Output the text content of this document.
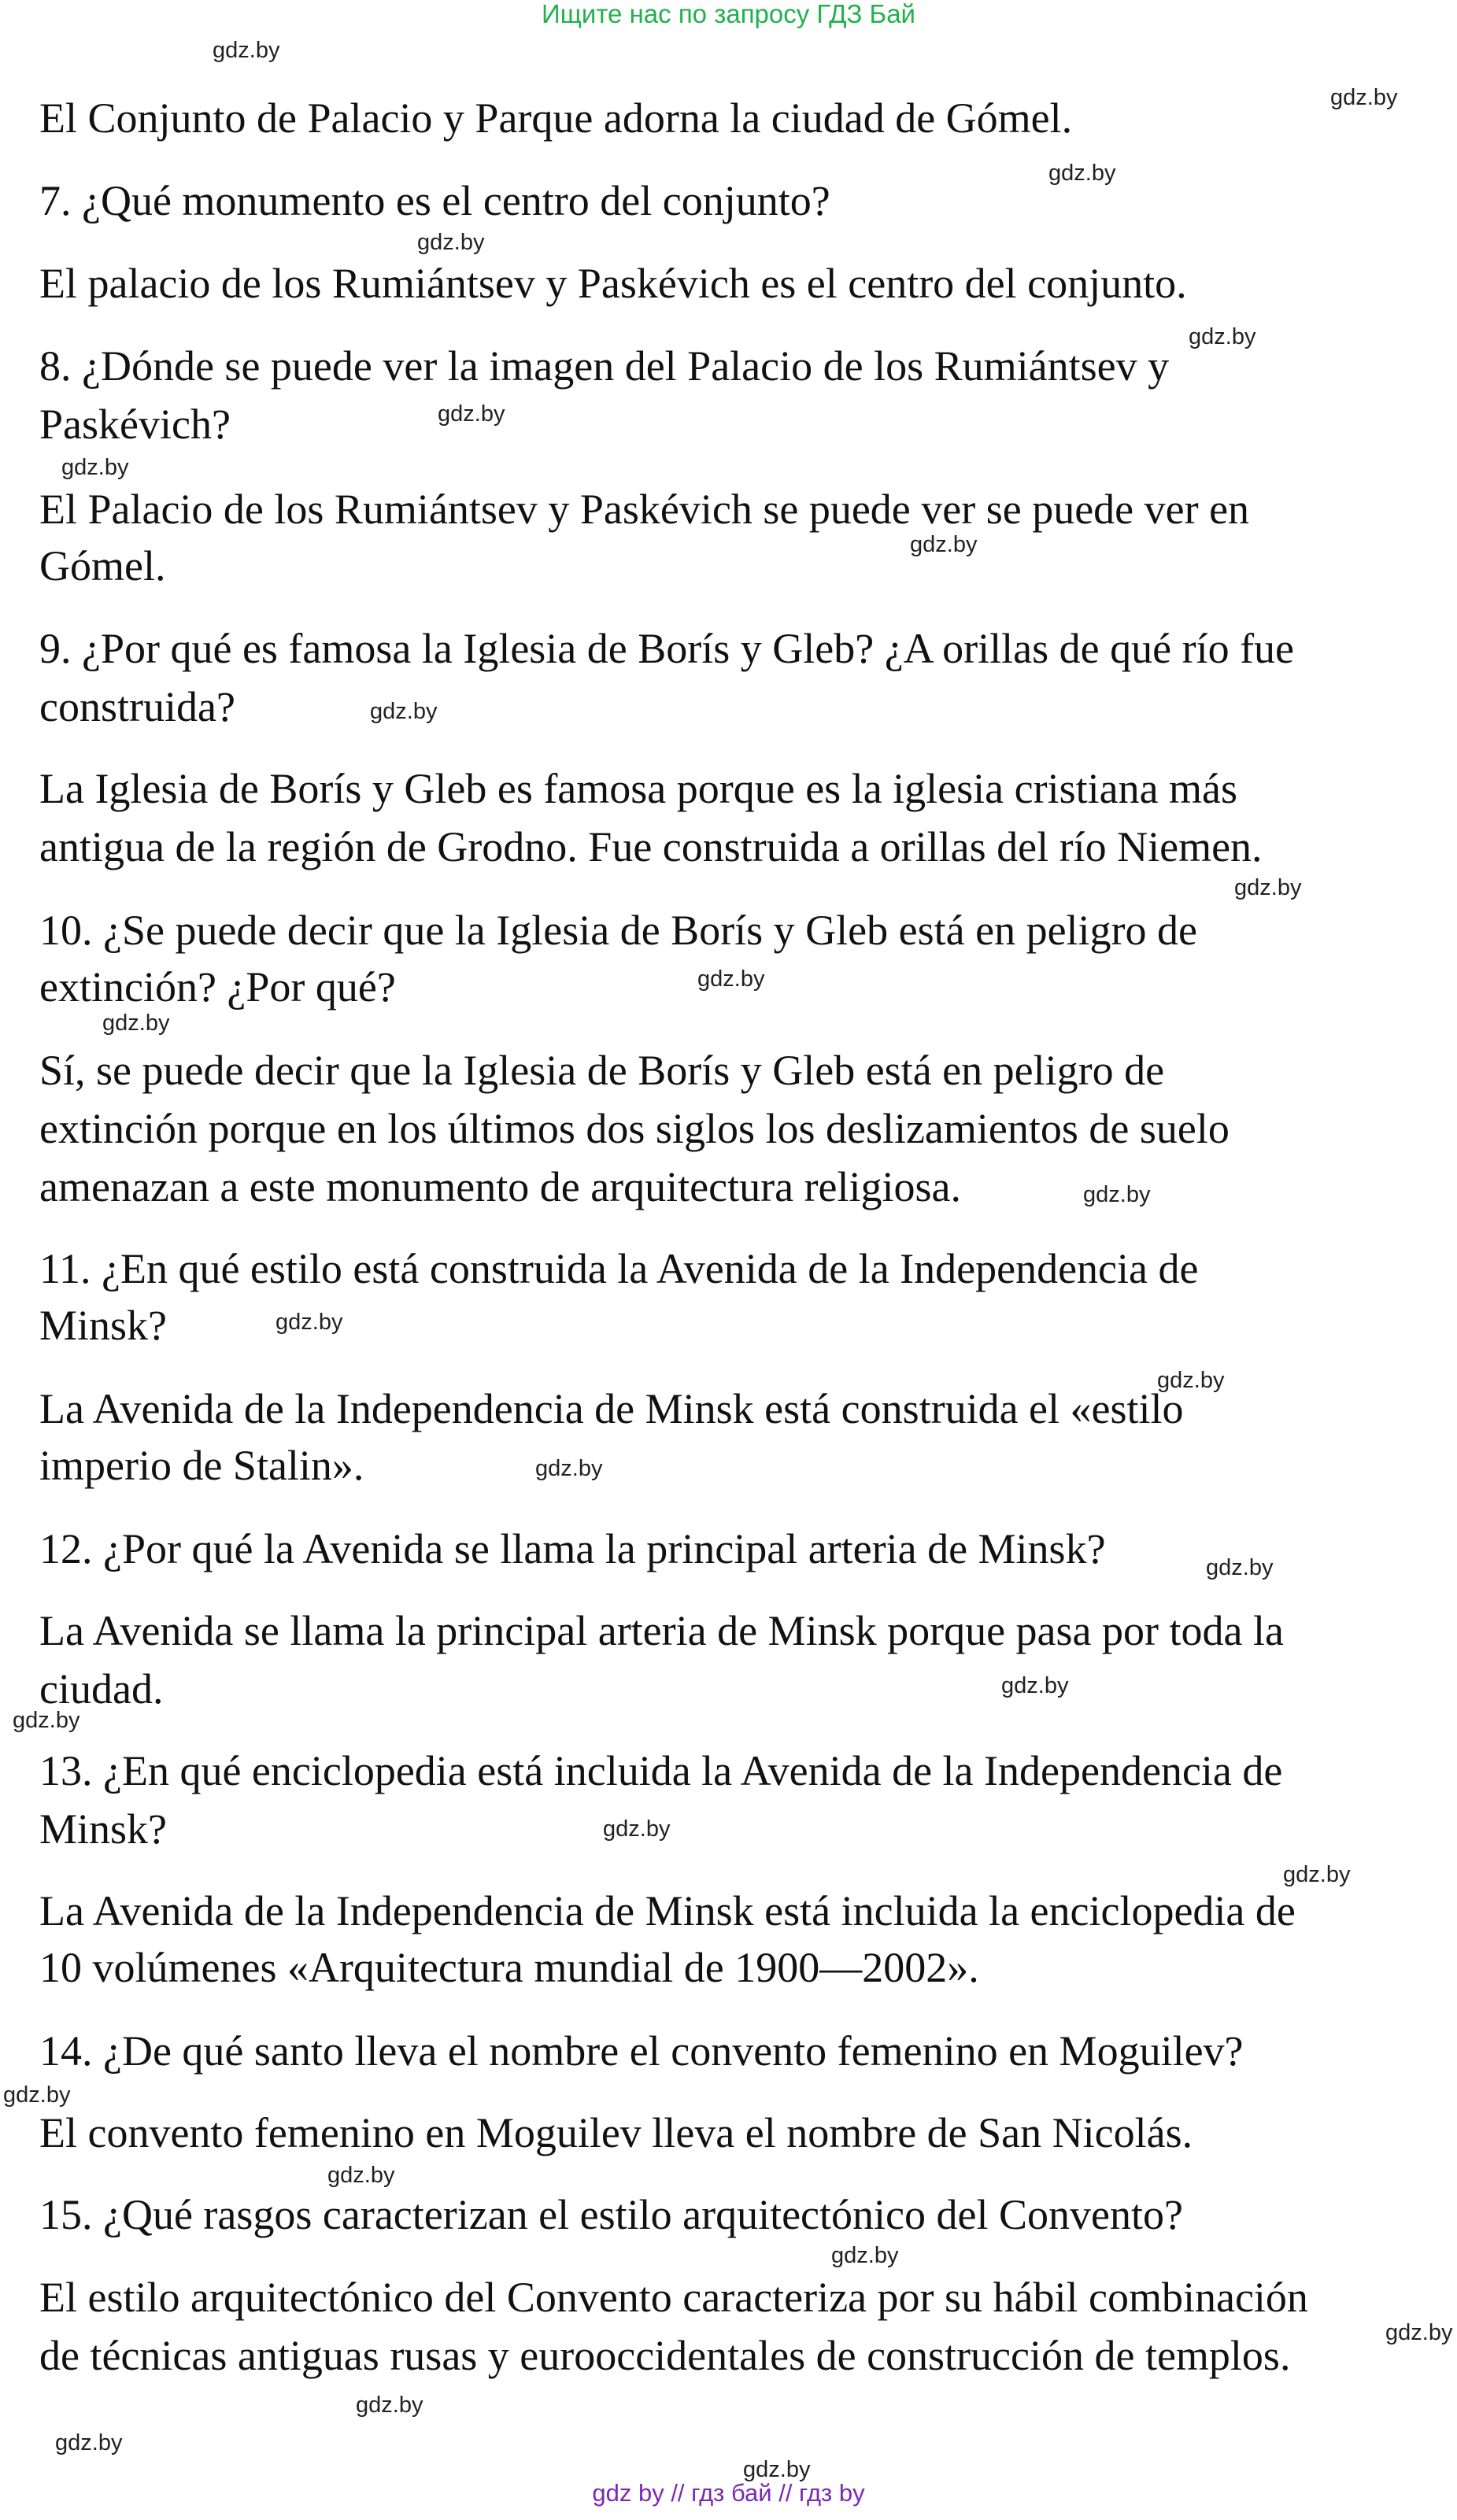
Ищите нас по запросу ГДЗ Бай

El Conjunto de Palacio y Parque adorna la ciudad de Gómel.

7. ¿Qué monumento es el centro del conjunto?

El palacio de los Rumiántsev y Paskévich es el centro del conjunto.

8. ¿Dónde se puede ver la imagen del Palacio de los Rumiántsev y

Paskévich?

El Palacio de los Rumiántsev y Paskévich se puede ver se puede ver en

Gómel.

9. ¿Por qué es famosa la Iglesia de Borís y Gleb? ¿A orillas de qué río fue

construida?

La Iglesia de Borís y Gleb es famosa porque es la iglesia cristiana más

antigua de la región de Grodno. Fue construida a orillas del río Niemen.

10. ¿Se puede decir que la Iglesia de Borís y Gleb está en peligro de

extinción? ¿Por qué?

Sí, se puede decir que la Iglesia de Borís y Gleb está en peligro de

extinción porque en los últimos dos siglos los deslizamientos de suelo

amenazan a este monumento de arquitectura religiosa.

11. ¿En qué estilo está construida la Avenida de la Independencia de

Minsk?

La Avenida de la Independencia de Minsk está construida el «estilo

imperio de Stalin».

12. ¿Por qué la Avenida se llama la principal arteria de Minsk?

La Avenida se llama la principal arteria de Minsk porque pasa por toda la

ciudad.

13. ¿En qué enciclopedia está incluida la Avenida de la Independencia de

Minsk?

La Avenida de la Independencia de Minsk está incluida la enciclopedia de

10 volúmenes «Arquitectura mundial de 1900—2002».

14. ¿De qué santo lleva el nombre el convento femenino en Moguilev?

El convento femenino en Moguilev lleva el nombre de San Nicolás.

15. ¿Qué rasgos caracterizan el estilo arquitectónico del Convento?

El estilo arquitectónico del Convento caracteriza por su hábil combinación

de técnicas antiguas rusas y eurooccidentales de construcción de templos.

gdz.by
gdz.by
gdz.by
gdz.by
gdz.by
gdz.by
gdz.by
gdz.by
gdz.by
gdz.by
gdz.by
gdz.by
gdz.by
gdz.by
gdz.by
gdz.by
gdz.by
gdz.by
gdz.by
gdz.by
gdz.by
gdz.by
gdz.by
gdz.by
gdz.by
gdz.by
gdz.by
gdz.by
gdz by // гдз бай // гдз by
